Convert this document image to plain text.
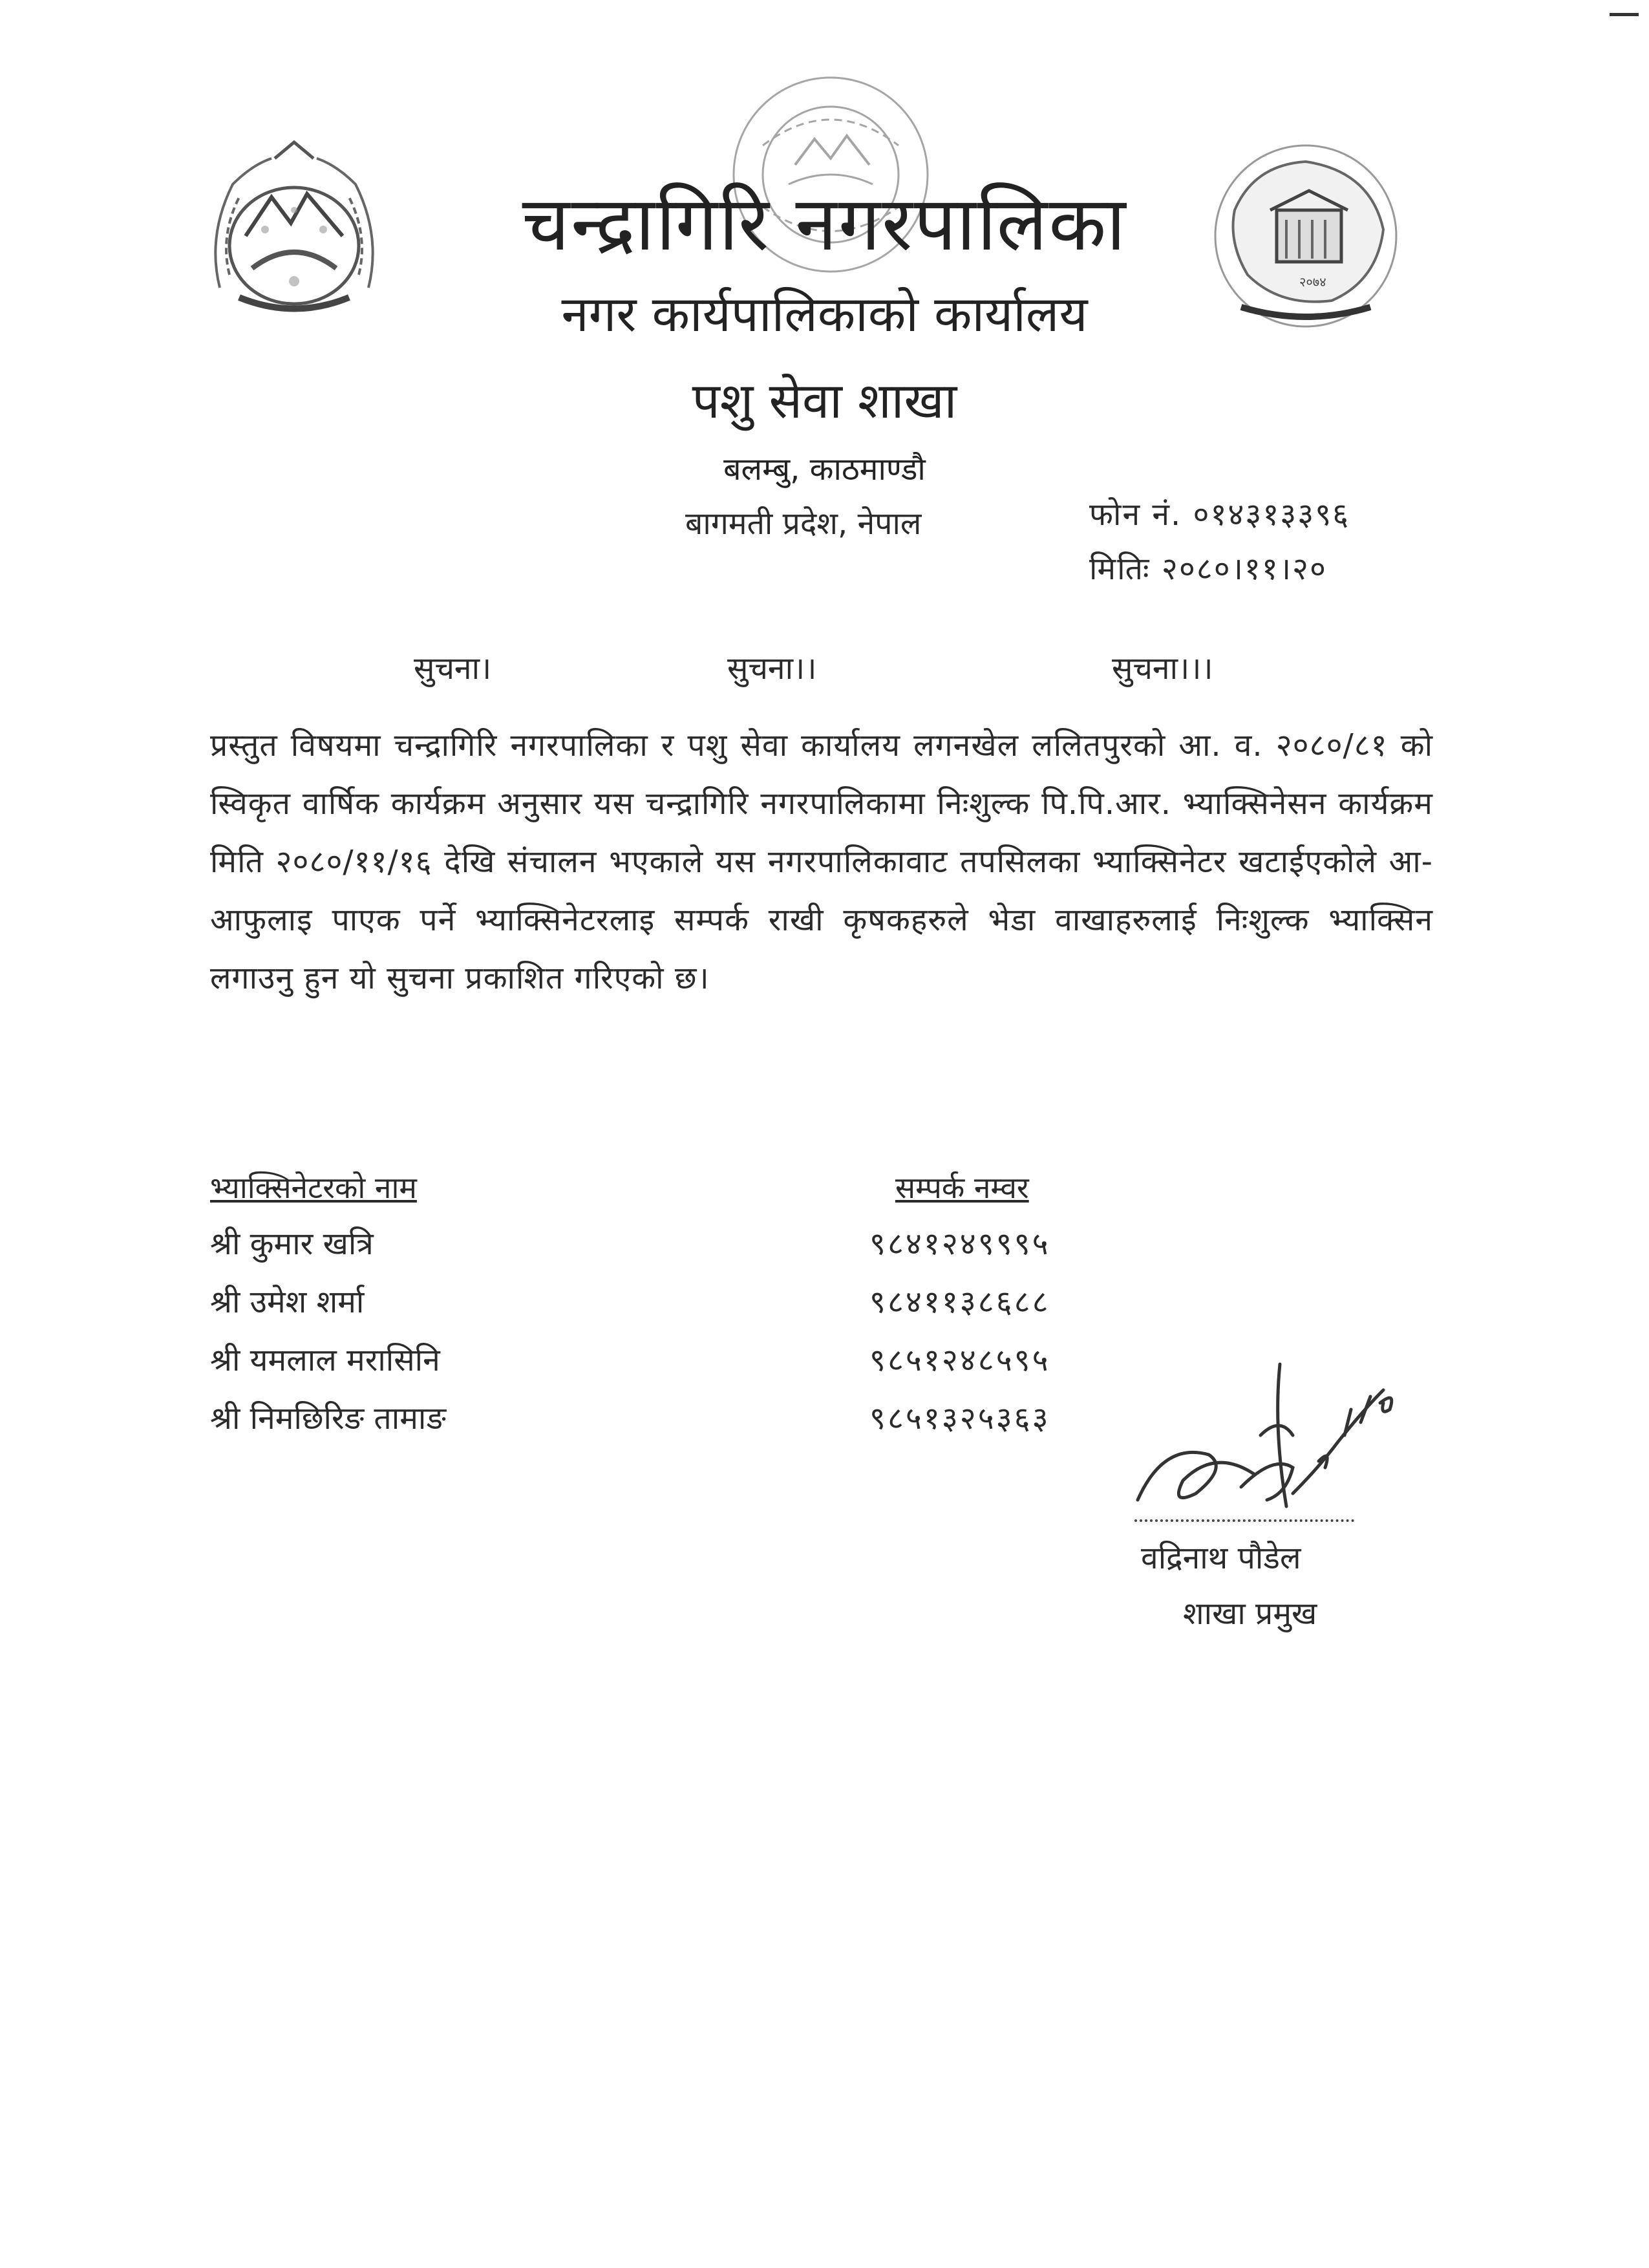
२०७४
चन्द्रागिरि नगरपालिका
नगर कार्यपालिकाको कार्यालय
पशु सेवा शाखा
बलम्बु, काठमाण्डौ
बागमती प्रदेश, नेपाल	फोन नं. ०१४३१३३९६
मितिः २०८०।११।२०
सुचना।	सुचना।।	सुचना।।।
प्रस्तुत विषयमा चन्द्रागिरि नगरपालिका र पशु सेवा कार्यालय लगनखेल ललितपुरको आ. व. २०८०/८१ को स्विकृत वार्षिक कार्यक्रम अनुसार यस चन्द्रागिरि नगरपालिकामा निःशुल्क पि.पि.आर. भ्याक्सिनेसन कार्यक्रम मिति २०८०/११/१६ देखि संचालन भएकाले यस नगरपालिकावाट तपसिलका भ्याक्सिनेटर खटाईएकोले आ-आफुलाइ पाएक पर्ने भ्याक्सिनेटरलाइ सम्पर्क राखी कृषकहरुले भेडा वाखाहरुलाई निःशुल्क भ्याक्सिन लगाउनु हुन यो सुचना प्रकाशित गरिएको छ।
भ्याक्सिनेटरको नाम	सम्पर्क नम्वर
श्री कुमार खत्रि	९८४१२४९९९५
श्री उमेश शर्मा	९८४११३८६८८
श्री यमलाल मरासिनि	९८५१२४८५९५
श्री निमछिरिङ तामाङ	९८५१३२५३६३
वद्रिनाथ पौडेल
शाखा प्रमुख
